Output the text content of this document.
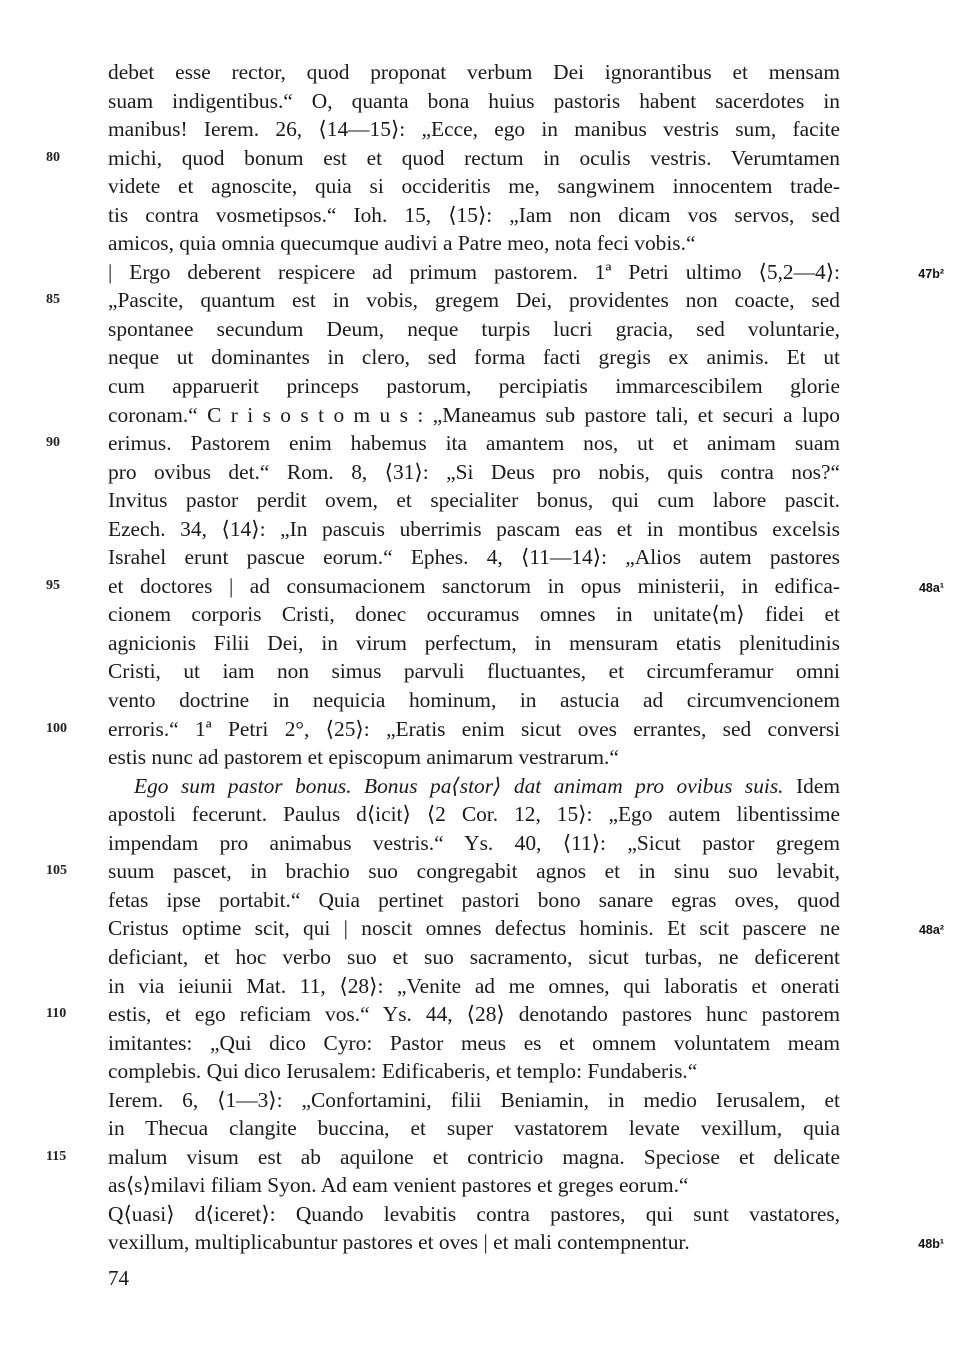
debet esse rector, quod proponat verbum Dei ignorantibus et mensam
suam indigentibus.“ O, quanta bona huius pastoris habent sacerdotes in
manibus! Ierem. 26, ⟨14—15⟩: „Ecce, ego in manibus vestris sum, facite
michi, quod bonum est et quod rectum in oculis vestris. Verumtamen
80
videte et agnoscite, quia si occideritis me, sangwinem innocentem trade-
tis contra vosmetipsos.“ Ioh. 15, ⟨15⟩: „Iam non dicam vos servos, sed
amicos, quia omnia quecumque audivi a Patre meo, nota feci vobis.“
| Ergo deberent respicere ad primum pastorem. 1ª Petri ultimo ⟨5,2—4⟩:	47b²
„Pascite, quantum est in vobis, gregem Dei, providentes non coacte, sed
85
spontanee secundum Deum, neque turpis lucri gracia, sed voluntarie,
neque ut dominantes in clero, sed forma facti gregis ex animis. Et ut
cum apparuerit princeps pastorum, percipiatis immarcescibilem glorie
coronam.“ C r i s o s t o m u s : „Maneamus sub pastore tali, et securi a lupo
erimus. Pastorem enim habemus ita amantem nos, ut et animam suam
90
pro ovibus det.“ Rom. 8, ⟨31⟩: „Si Deus pro nobis, quis contra nos?“
Invitus pastor perdit ovem, et specialiter bonus, qui cum labore pascit.
Ezech. 34, ⟨14⟩: „In pascuis uberrimis pascam eas et in montibus excelsis
Israhel erunt pascue eorum.“ Ephes. 4, ⟨11—14⟩: „Alios autem pastores
et doctores | ad consumacionem sanctorum in opus ministerii, in edifica-
95	48a¹
cionem corporis Cristi, donec occuramus omnes in unitate⟨m⟩ fidei et
agnicionis Filii Dei, in virum perfectum, in mensuram etatis plenitudinis
Cristi, ut iam non simus parvuli fluctuantes, et circumferamur omni
vento doctrine in nequicia hominum, in astucia ad circumvencionem
erroris.“ 1ª Petri 2°, ⟨25⟩: „Eratis enim sicut oves errantes, sed conversi
100
estis nunc ad pastorem et episcopum animarum vestrarum.“
Ego sum pastor bonus. Bonus pa⟨stor⟩ dat animam pro ovibus suis. Idem
apostoli fecerunt. Paulus d⟨icit⟩ ⟨2 Cor. 12, 15⟩: „Ego autem libentissime
impendam pro animabus vestris.“ Ys. 40, ⟨11⟩: „Sicut pastor gregem
suum pascet, in brachio suo congregabit agnos et in sinu suo levabit,
105
fetas ipse portabit.“ Quia pertinet pastori bono sanare egras oves, quod
Cristus optime scit, qui | noscit omnes defectus hominis. Et scit pascere ne	48a²
deficiant, et hoc verbo suo et suo sacramento, sicut turbas, ne deficerent
in via ieiunii Mat. 11, ⟨28⟩: „Venite ad me omnes, qui laboratis et onerati
estis, et ego reficiam vos.“ Ys. 44, ⟨28⟩ denotando pastores hunc pastorem
110
imitantes: „Qui dico Cyro: Pastor meus es et omnem voluntatem meam
complebis. Qui dico Ierusalem: Edificaberis, et templo: Fundaberis.“
Ierem. 6, ⟨1—3⟩: „Confortamini, filii Beniamin, in medio Ierusalem, et
in Thecua clangite buccina, et super vastatorem levate vexillum, quia
malum visum est ab aquilone et contricio magna. Speciose et delicate
115
as⟨s⟩milavi filiam Syon. Ad eam venient pastores et greges eorum.“
Q⟨uasi⟩ d⟨iceret⟩: Quando levabitis contra pastores, qui sunt vastatores,
vexillum, multiplicabuntur pastores et oves | et mali contempnentur.	48b¹
74
